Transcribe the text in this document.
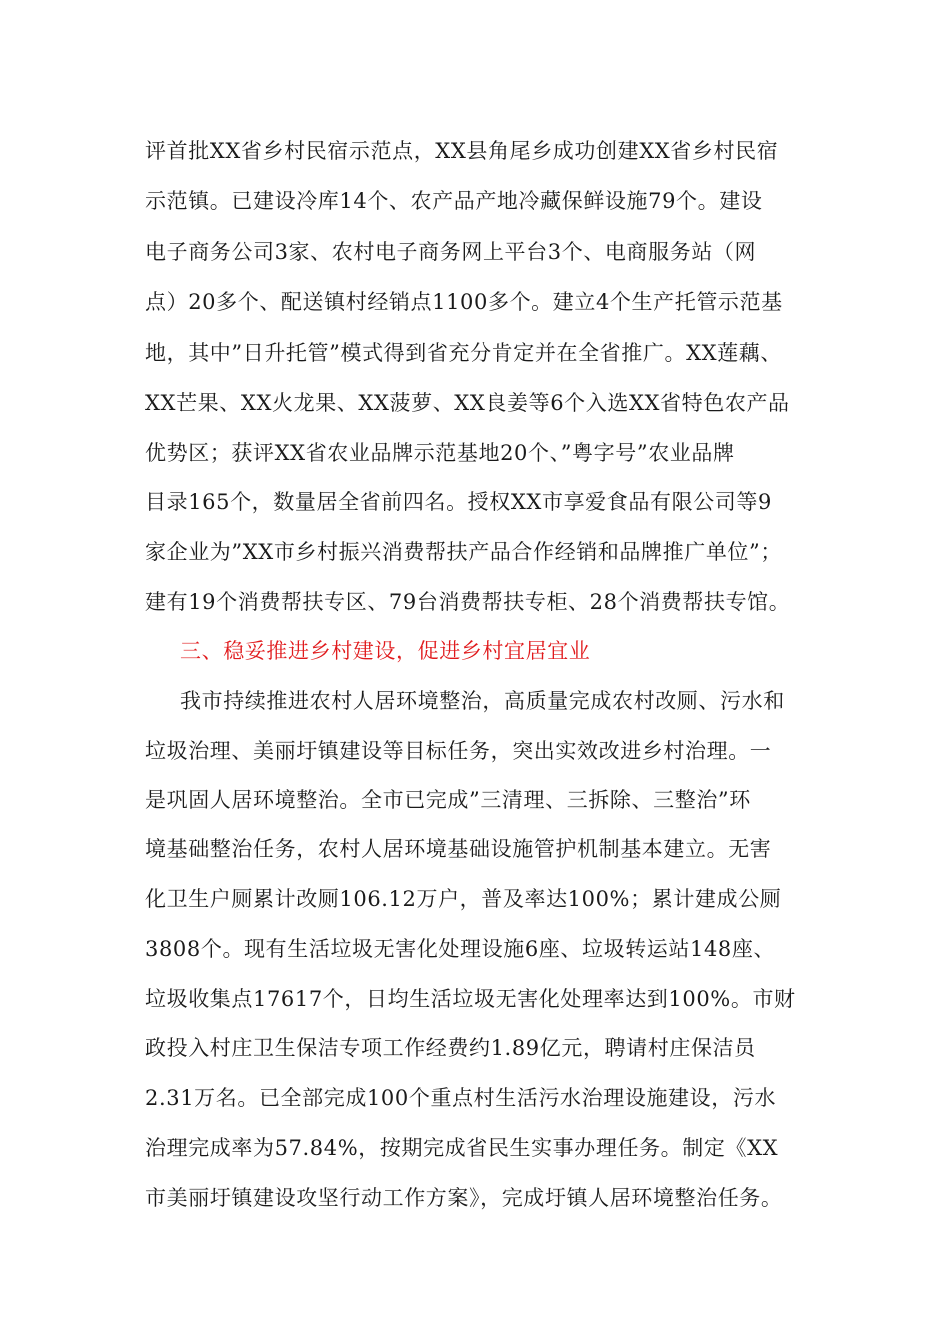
评首批XX省乡村民宿示范点，XX县角尾乡成功创建XX省乡村民宿
示范镇。已建设冷库14个、农产品产地冷藏保鲜设施79个。建设
电子商务公司3家、农村电子商务网上平台3个、电商服务站（网
点）20多个、配送镇村经销点1100多个。建立4个生产托管示范基
地，其中”日升托管”模式得到省充分肯定并在全省推广。XX莲藕、
XX芒果、XX火龙果、XX菠萝、XX良姜等6个入选XX省特色农产品
优势区；获评XX省农业品牌示范基地20个、”粤字号”农业品牌
目录165个，数量居全省前四名。授权XX市享爱食品有限公司等9
家企业为”XX市乡村振兴消费帮扶产品合作经销和品牌推广单位”；
建有19个消费帮扶专区、79台消费帮扶专柜、28个消费帮扶专馆。
三、稳妥推进乡村建设，促进乡村宜居宜业
我市持续推进农村人居环境整治，高质量完成农村改厕、污水和
垃圾治理、美丽圩镇建设等目标任务，突出实效改进乡村治理。一
是巩固人居环境整治。全市已完成”三清理、三拆除、三整治”环
境基础整治任务，农村人居环境基础设施管护机制基本建立。无害
化卫生户厕累计改厕106.12万户，普及率达100%；累计建成公厕
3808个。现有生活垃圾无害化处理设施6座、垃圾转运站148座、
垃圾收集点17617个，日均生活垃圾无害化处理率达到100%。市财
政投入村庄卫生保洁专项工作经费约1.89亿元，聘请村庄保洁员
2.31万名。已全部完成100个重点村生活污水治理设施建设，污水
治理完成率为57.84%，按期完成省民生实事办理任务。制定《XX
市美丽圩镇建设攻坚行动工作方案》，完成圩镇人居环境整治任务。
